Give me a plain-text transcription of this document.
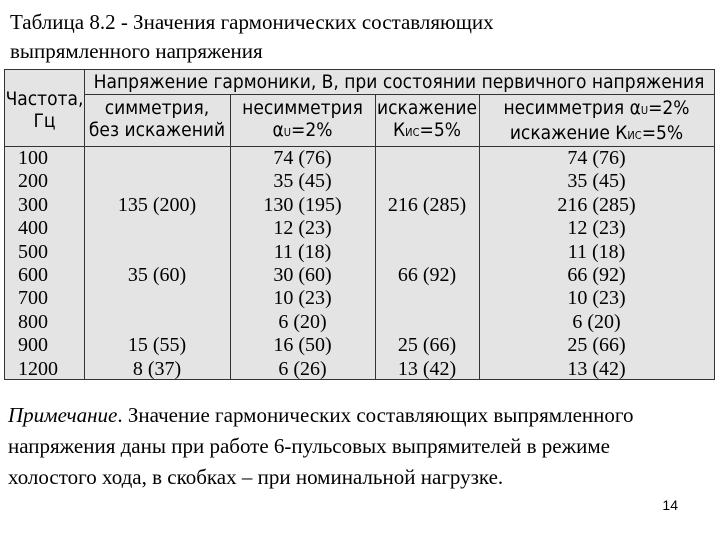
Таблица 8.2 - Значения гармонических составляющих
выпрямленного напряжения
Частота,
Гц
Напряжение гармоники, В, при состоянии первичного напряжения
симметрия,
без искажений
несимметрия
αU=2%
искажение
КИС=5%
несимметрия αU=2%
искажение КИС=5%
100
200
300
400
500
600
700
800
900
1200
135 (200)
35 (60)
15 (55)
8 (37)
74 (76)
35 (45)
130 (195)
12 (23)
11 (18)
30 (60)
10 (23)
6 (20)
16 (50)
6 (26)
216 (285)
66 (92)
25 (66)
13 (42)
74 (76)
35 (45)
216 (285)
12 (23)
11 (18)
66 (92)
10 (23)
6 (20)
25 (66)
13 (42)
Примечание. Значение гармонических составляющих выпрямленного напряжения даны при работе 6-пульсовых выпрямителей в режиме холостого хода, в скобках – при номинальной нагрузке.
14
